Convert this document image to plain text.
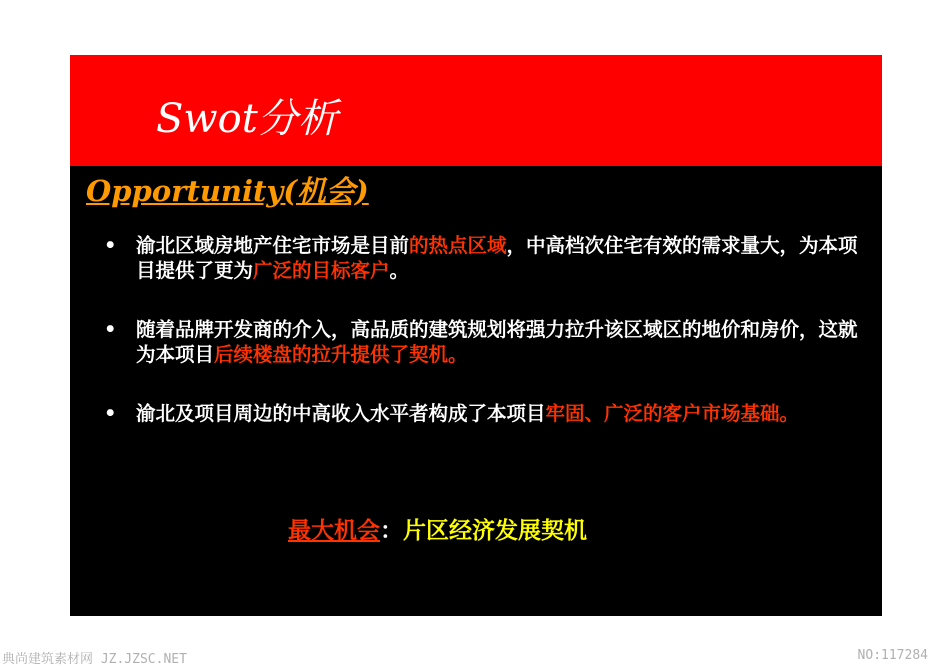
Swot分析
Opportunity(机会)
• 渝北区域房地产住宅市场是目前的热点区域，中高档次住宅有效的需求量大，为本项目提供了更为广泛的目标客户。
• 随着品牌开发商的介入，高品质的建筑规划将强力拉升该区域区的地价和房价，这就为本项目后续楼盘的拉升提供了契机。
• 渝北及项目周边的中高收入水平者构成了本项目牢固、广泛的客户市场基础。
最大机会：片区经济发展契机
典尚建筑素材网 JZ.JZSC.NET	NO:117284
